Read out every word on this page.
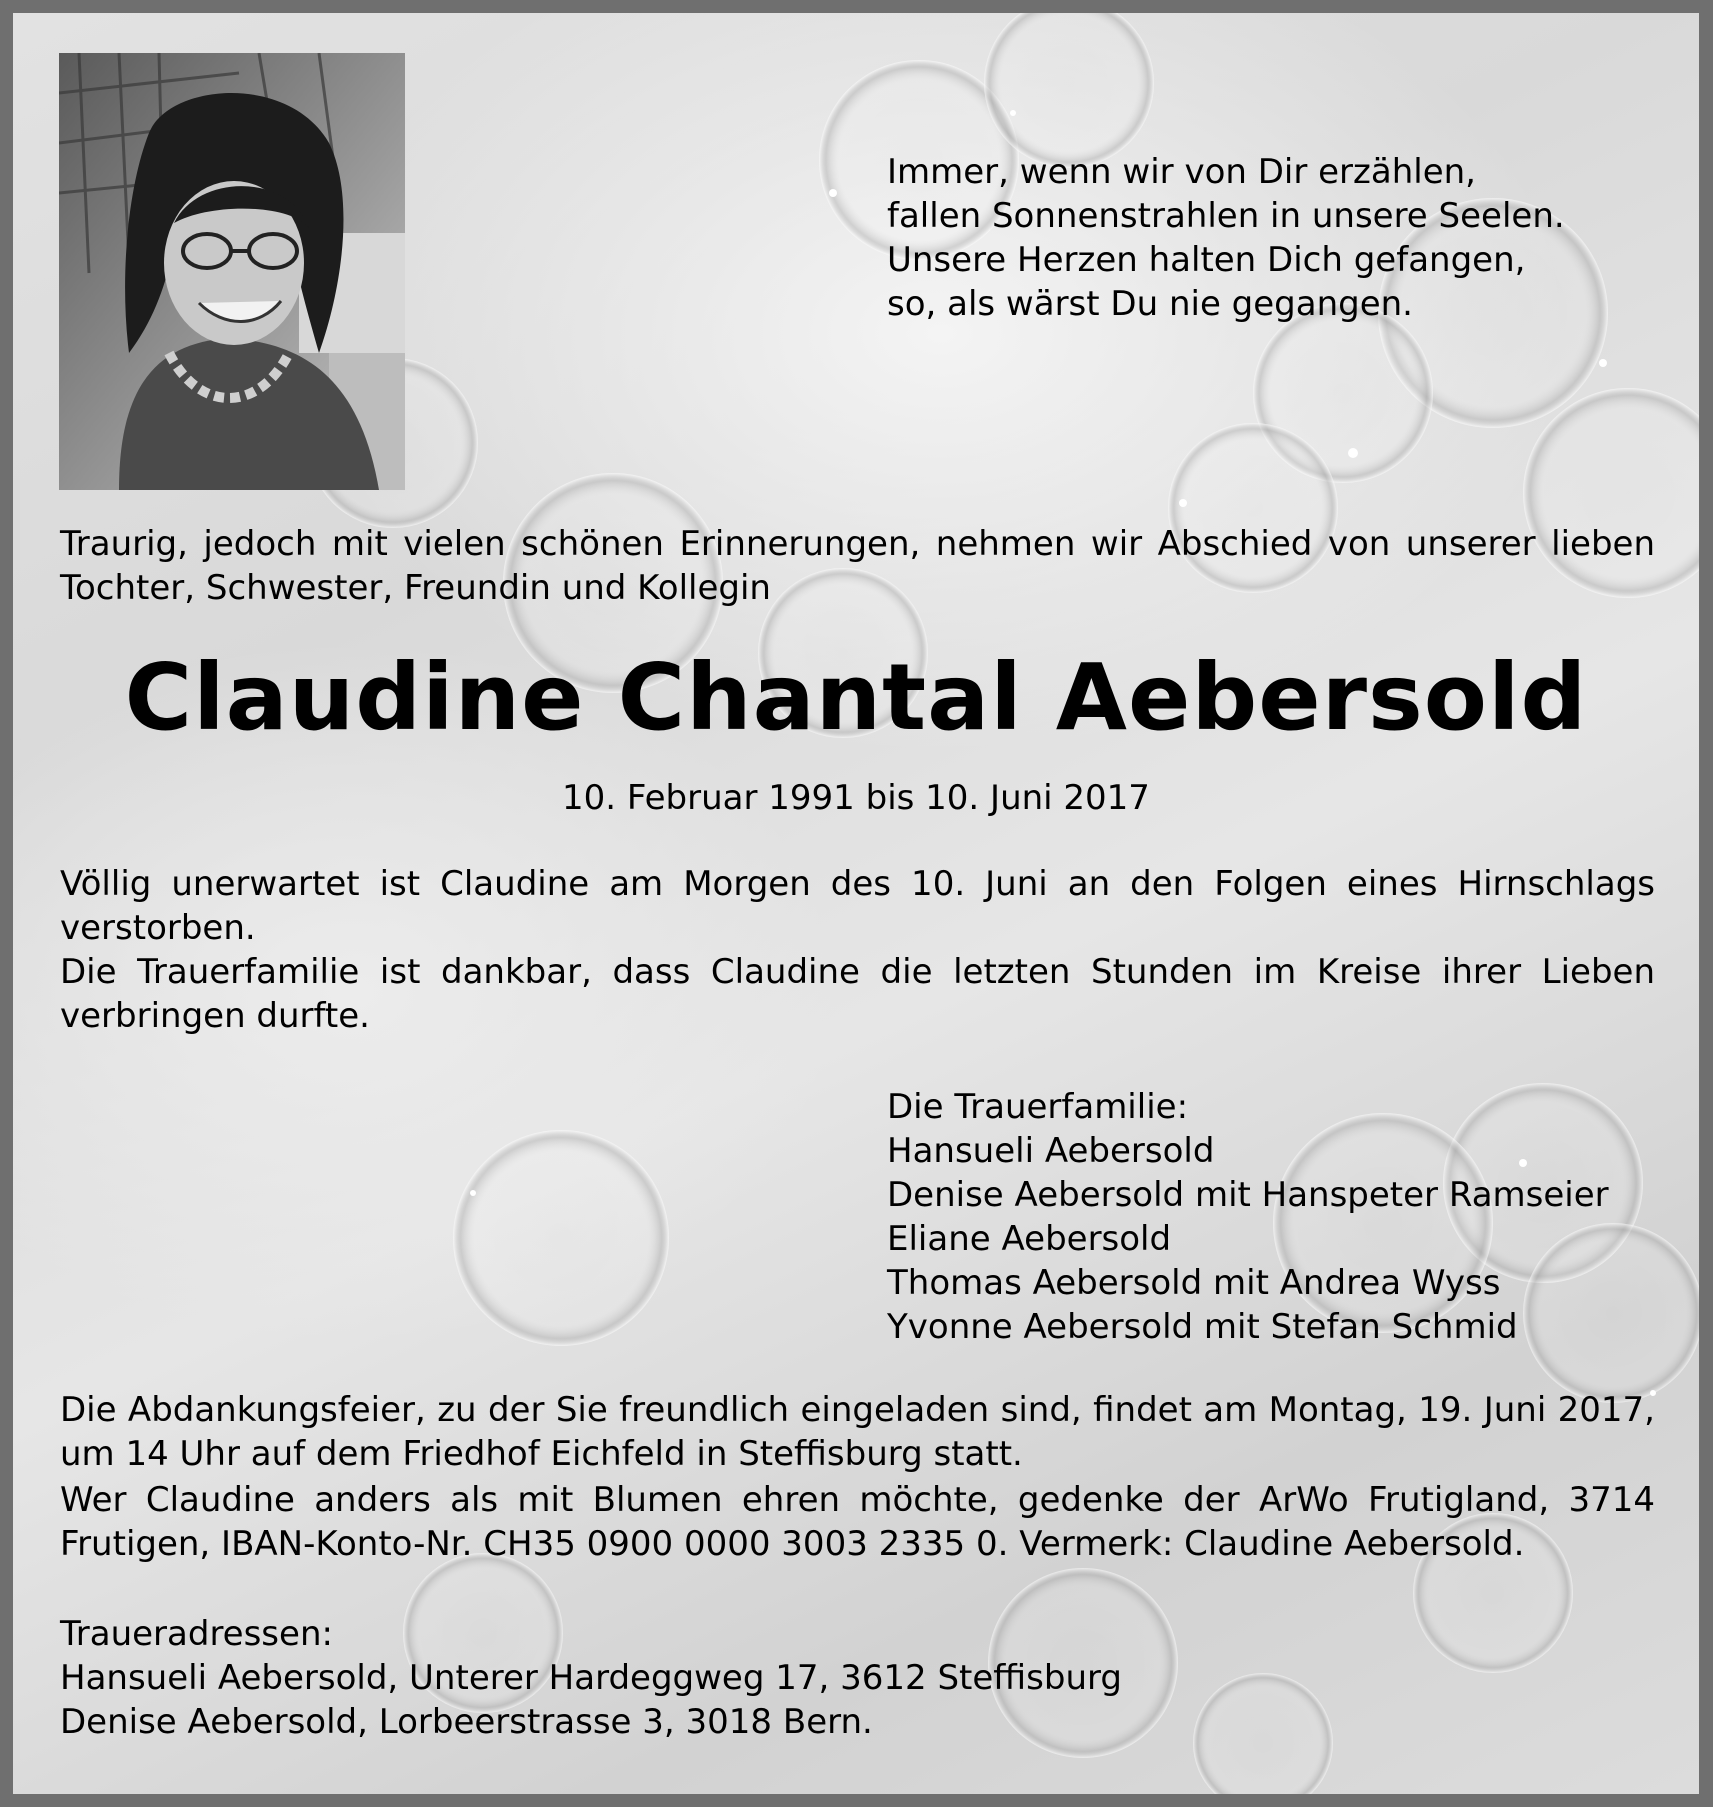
Immer, wenn wir von Dir erzählen,
fallen Sonnenstrahlen in unsere Seelen.
Unsere Herzen halten Dich gefangen,
so, als wärst Du nie gegangen.

Traurig, jedoch mit vielen schönen Erinnerungen, nehmen wir Abschied von unserer lieben Tochter, Schwester, Freundin und Kollegin

Claudine Chantal Aebersold

10. Februar 1991 bis 10. Juni 2017

Völlig unerwartet ist Claudine am Morgen des 10. Juni an den Folgen eines Hirnschlags verstorben.

Die Trauerfamilie ist dankbar, dass Claudine die letzten Stunden im Kreise ihrer Lieben verbringen durfte.

Die Trauerfamilie:
Hansueli Aebersold
Denise Aebersold mit Hanspeter Ramseier
Eliane Aebersold
Thomas Aebersold mit Andrea Wyss
Yvonne Aebersold mit Stefan Schmid

Die Abdankungsfeier, zu der Sie freundlich eingeladen sind, findet am Montag, 19. Juni 2017, um 14 Uhr auf dem Friedhof Eichfeld in Steffisburg statt.

Wer Claudine anders als mit Blumen ehren möchte, gedenke der ArWo Frutigland, 3714 Frutigen, IBAN-Konto-Nr. CH35 0900 0000 3003 2335 0. Vermerk: Claudine Aebersold.

Traueradressen:
Hansueli Aebersold, Unterer Hardeggweg 17, 3612 Steffisburg
Denise Aebersold, Lorbeerstrasse 3, 3018 Bern.
